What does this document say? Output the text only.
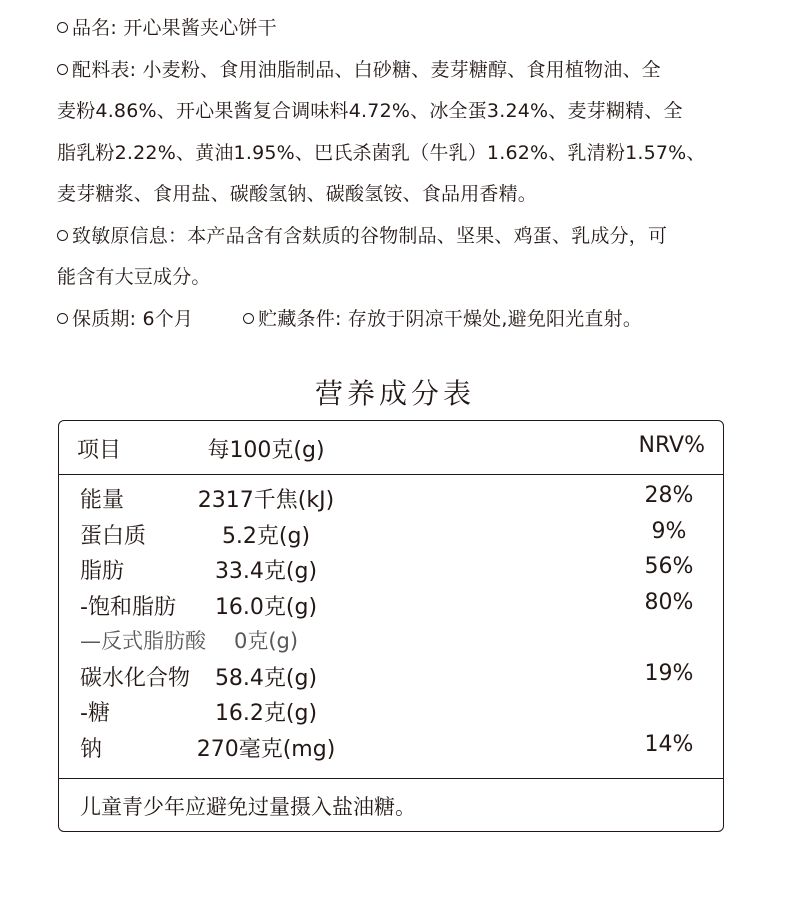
品名: 开心果酱夹心饼干
配料表: 小麦粉、食用油脂制品、白砂糖、麦芽糖醇、食用植物油、全
麦粉4.86%、开心果酱复合调味料4.72%、冰全蛋3.24%、麦芽糊精、全
脂乳粉2.22%、黄油1.95%、巴氏杀菌乳（牛乳）1.62%、乳清粉1.57%、
麦芽糖浆、食用盐、碳酸氢钠、碳酸氢铵、食品用香精。
致敏原信息：本产品含有含麸质的谷物制品、坚果、鸡蛋、乳成分，可
能含有大豆成分。
保质期: 6个月	贮藏条件: 存放于阴凉干燥处,避免阳光直射。
营养成分表
项目	每100克(g)	NRV%
能量	2317千焦(kJ)	28%
蛋白质	5.2克(g)	9%
脂肪	33.4克(g)	56%
-饱和脂肪	16.0克(g)	80%
—反式脂肪酸	0克(g)
碳水化合物	58.4克(g)	19%
-糖	16.2克(g)
钠	270毫克(mg)	14%
儿童青少年应避免过量摄入盐油糖。
